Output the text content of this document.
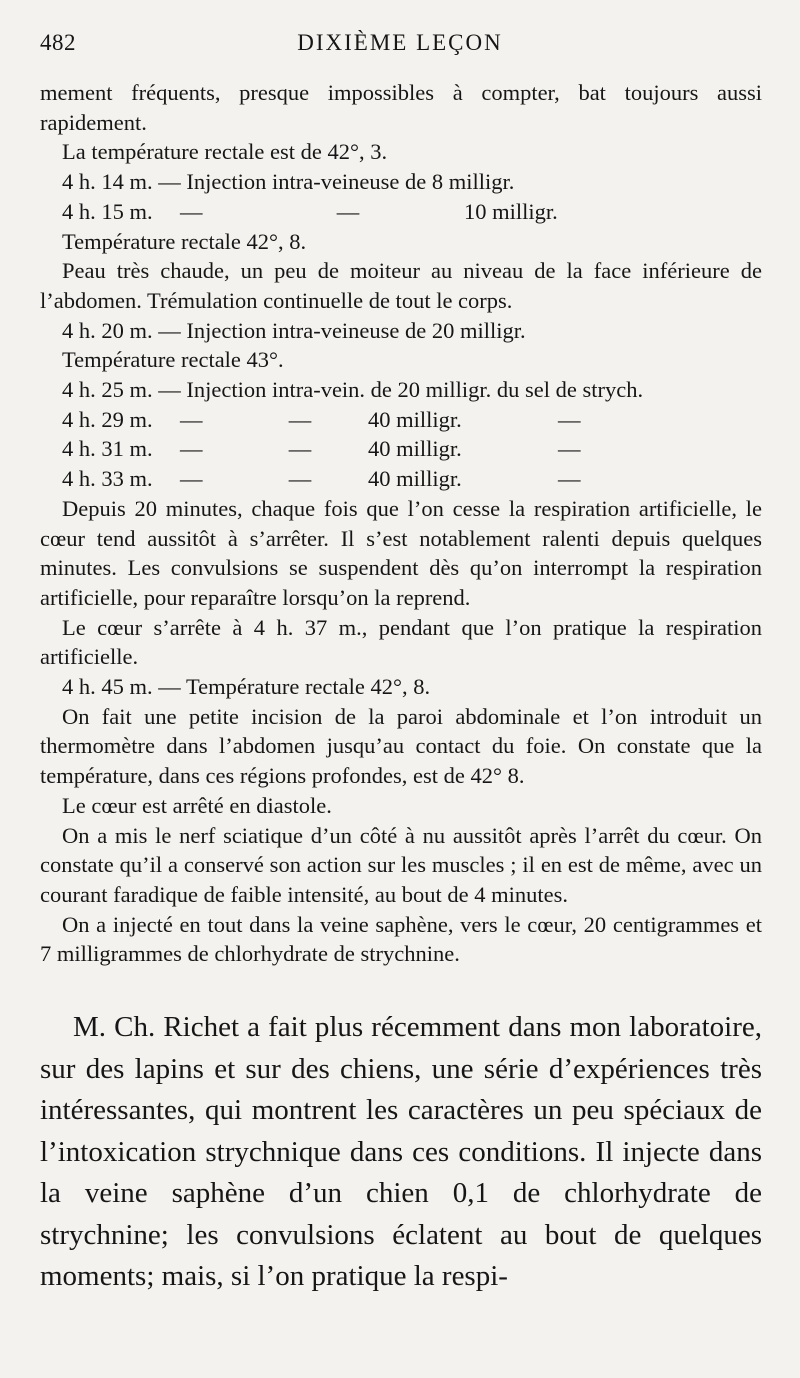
482	DIXIÈME LEÇON

mement fréquents, presque impossibles à compter, bat toujours aussi rapidement.

La température rectale est de 42°, 3.

4 h. 14 m. — Injection intra-veineuse de 8 milligr.

4 h. 15 m.	—	—	10 milligr.

Température rectale 42°, 8.

Peau très chaude, un peu de moiteur au niveau de la face inférieure de l’abdomen. Trémulation continuelle de tout le corps.

4 h. 20 m. — Injection intra-veineuse de 20 milligr.

Température rectale 43°.

4 h. 25 m. — Injection intra-vein. de 20 milligr. du sel de strych.

4 h. 29 m.	—	—	40 milligr.	—
4 h. 31 m.	—	—	40 milligr.	—
4 h. 33 m.	—	—	40 milligr.	—

Depuis 20 minutes, chaque fois que l’on cesse la respiration artificielle, le cœur tend aussitôt à s’arrêter. Il s’est notablement ralenti depuis quelques minutes. Les convulsions se suspendent dès qu’on interrompt la respiration artificielle, pour reparaître lorsqu’on la reprend.

Le cœur s’arrête à 4 h. 37 m., pendant que l’on pratique la respiration artificielle.

4 h. 45 m. — Température rectale 42°, 8.

On fait une petite incision de la paroi abdominale et l’on introduit un thermomètre dans l’abdomen jusqu’au contact du foie. On constate que la température, dans ces régions profondes, est de 42° 8.

Le cœur est arrêté en diastole.

On a mis le nerf sciatique d’un côté à nu aussitôt après l’arrêt du cœur. On constate qu’il a conservé son action sur les muscles ; il en est de même, avec un courant faradique de faible intensité, au bout de 4 minutes.

On a injecté en tout dans la veine saphène, vers le cœur, 20 centigrammes et 7 milligrammes de chlorhydrate de strychnine.

M. Ch. Richet a fait plus récemment dans mon laboratoire, sur des lapins et sur des chiens, une série d’expériences très intéressantes, qui montrent les caractères un peu spéciaux de l’intoxication strychnique dans ces conditions. Il injecte dans la veine saphène d’un chien 0,1 de chlorhydrate de strychnine; les convulsions éclatent au bout de quelques moments; mais, si l’on pratique la respi-
